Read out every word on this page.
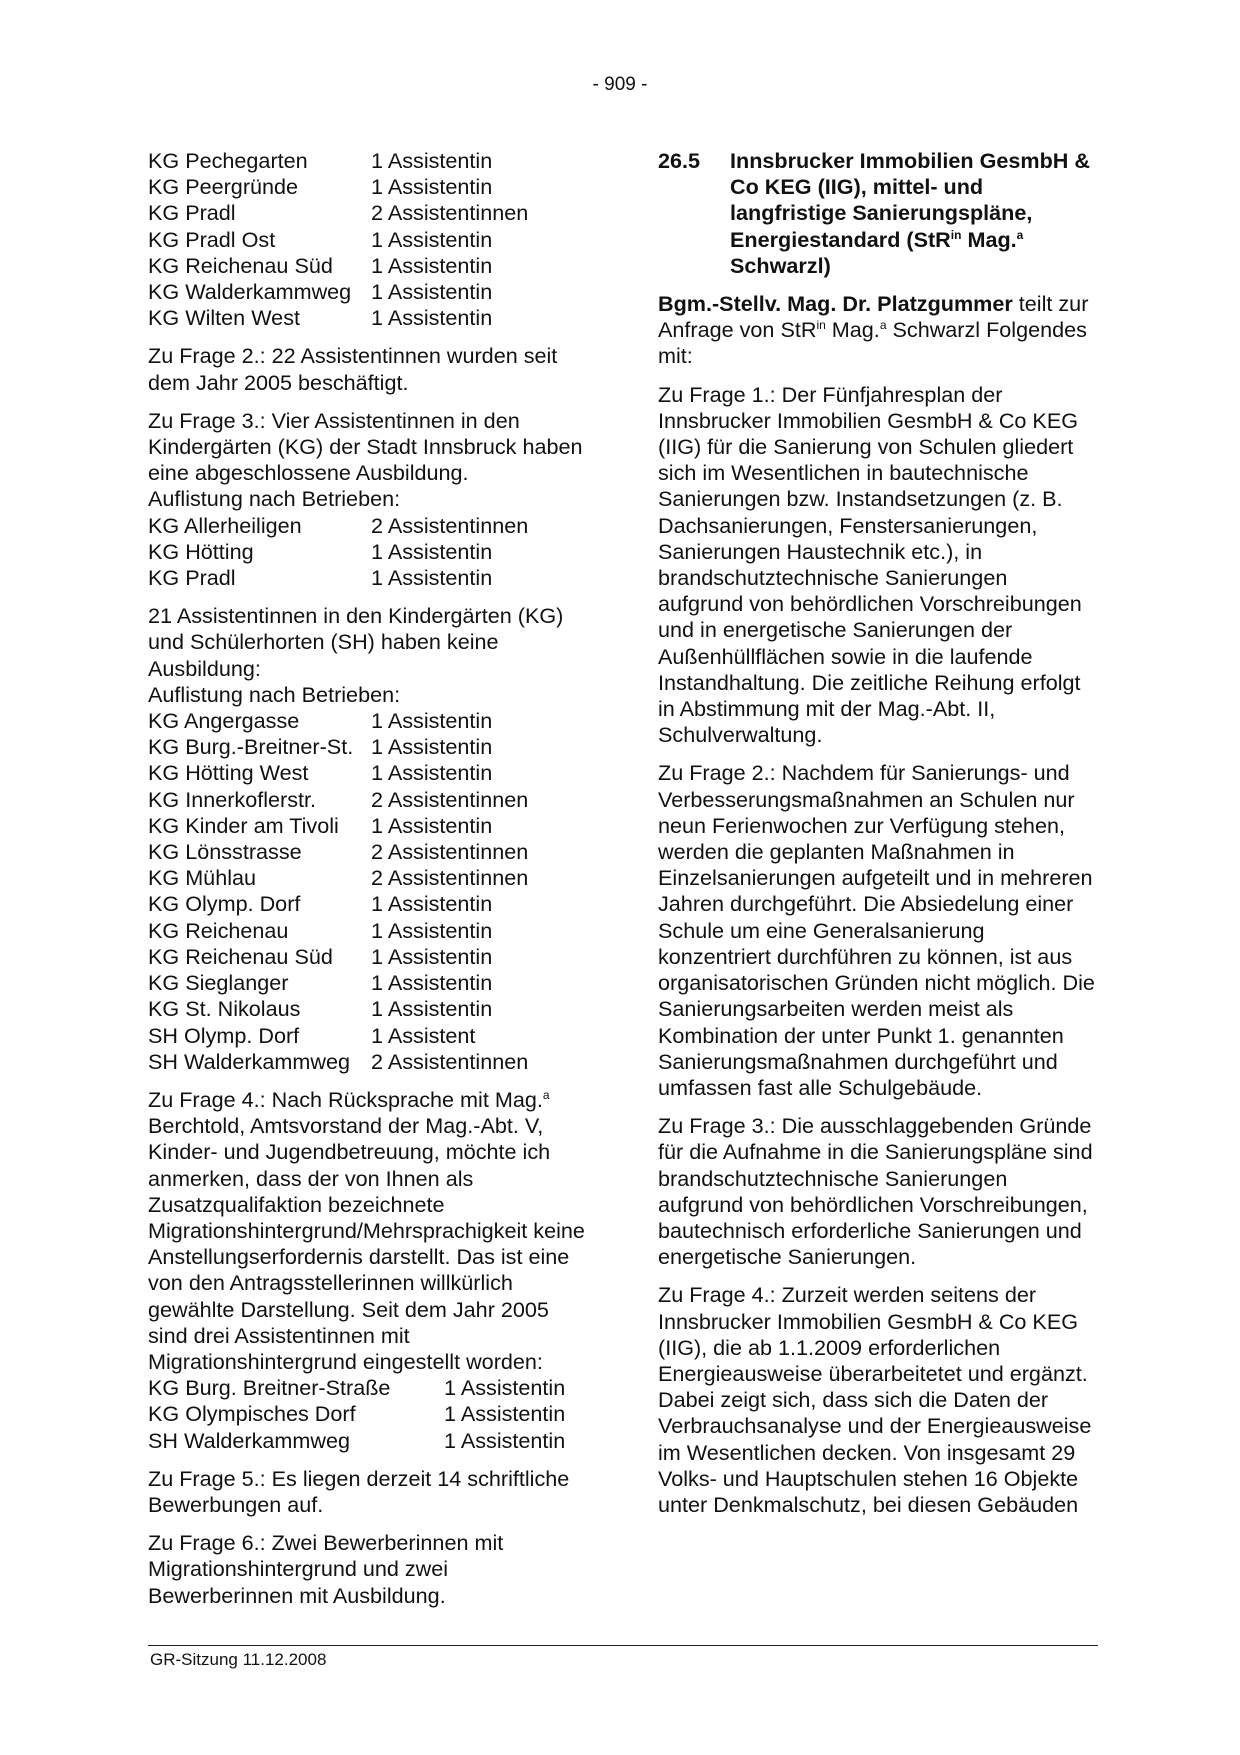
- 909 -
KG Pechegarten	1 Assistentin
KG Peergründe	1 Assistentin
KG Pradl	2 Assistentinnen
KG Pradl Ost	1 Assistentin
KG Reichenau Süd	1 Assistentin
KG Walderkammweg 1 Assistentin
KG Wilten West	1 Assistentin

Zu Frage 2.: 22 Assistentinnen wurden seit dem Jahr 2005 beschäftigt.

Zu Frage 3.: Vier Assistentinnen in den Kindergärten (KG) der Stadt Innsbruck haben eine abgeschlossene Ausbildung.
Auflistung nach Betrieben:
KG Allerheiligen	2 Assistentinnen
KG Hötting	1 Assistentin
KG Pradl	1 Assistentin
21 Assistentinnen in den Kindergärten (KG) und Schülerhorten (SH) haben keine Ausbildung:
Auflistung nach Betrieben:
KG Angergasse	1 Assistentin
KG Burg.-Breitner-St. 1 Assistentin
KG Hötting West	1 Assistentin
KG Innerkoflerstr.	2 Assistentinnen
KG Kinder am Tivoli	1 Assistentin
KG Lönsstrasse	2 Assistentinnen
KG Mühlau	2 Assistentinnen
KG Olymp. Dorf	1 Assistentin
KG Reichenau	1 Assistentin
KG Reichenau Süd	1 Assistentin
KG Sieglanger	1 Assistentin
KG St. Nikolaus	1 Assistentin
SH Olymp. Dorf	1 Assistent
SH Walderkammweg 2 Assistentinnen
Zu Frage 4.: Nach Rücksprache mit Mag.$^a$ Berchtold, Amtsvorstand der Mag.-Abt. V, Kinder- und Jugendbetreuung, möchte ich anmerken, dass der von Ihnen als Zusatzqualifaktion bezeichnete Migrationshintergrund/Mehrsprachigkeit keine Anstellungserfordernis darstellt. Das ist eine von den Antragsstellerinnen willkürlich gewählte Darstellung. Seit dem Jahr 2005 sind drei Assistentinnen mit Migrationshintergrund eingestellt worden:
KG Burg. Breitner-Straße	1 Assistentin
KG Olympisches Dorf	1 Assistentin
SH Walderkammweg	1 Assistentin

Zu Frage 5.: Es liegen derzeit 14 schriftliche Bewerbungen auf.

Zu Frage 6.: Zwei Bewerberinnen mit Migrationshintergrund und zwei Bewerberinnen mit Ausbildung.

26.5	Innsbrucker Immobilien GesmbH & Co KEG (IIG), mittel- und langfristige Sanierungspläne, Energiestandard (StR$^{in}$ Mag.$^a$ Schwarzl)

Bgm.-Stellv. Mag. Dr. Platzgummer teilt zur Anfrage von StR$^{in}$ Mag.$^a$ Schwarzl Folgendes mit:

Zu Frage 1.: Der Fünfjahresplan der Innsbrucker Immobilien GesmbH & Co KEG (IIG) für die Sanierung von Schulen gliedert sich im Wesentlichen in bautechnische Sanierungen bzw. Instandsetzungen (z. B. Dachsanierungen, Fenstersanierungen, Sanierungen Haustechnik etc.), in brandschutztechnische Sanierungen aufgrund von behördlichen Vorschreibungen und in energetische Sanierungen der Außenhüllflächen sowie in die laufende Instandhaltung. Die zeitliche Reihung erfolgt in Abstimmung mit der Mag.-Abt. II, Schulverwaltung.

Zu Frage 2.: Nachdem für Sanierungs- und Verbesserungsmaßnahmen an Schulen nur neun Ferienwochen zur Verfügung stehen, werden die geplanten Maßnahmen in Einzelsanierungen aufgeteilt und in mehreren Jahren durchgeführt. Die Absiedelung einer Schule um eine Generalsanierung konzentriert durchführen zu können, ist aus organisatorischen Gründen nicht möglich. Die Sanierungsarbeiten werden meist als Kombination der unter Punkt 1. genannten Sanierungsmaßnahmen durchgeführt und umfassen fast alle Schulgebäude.

Zu Frage 3.: Die ausschlaggebenden Gründe für die Aufnahme in die Sanierungspläne sind brandschutztechnische Sanierungen aufgrund von behördlichen Vorschreibungen, bautechnisch erforderliche Sanierungen und energetische Sanierungen.

Zu Frage 4.: Zurzeit werden seitens der Innsbrucker Immobilien GesmbH & Co KEG (IIG), die ab 1.1.2009 erforderlichen Energieausweise überarbeitetet und ergänzt. Dabei zeigt sich, dass sich die Daten der Verbrauchsanalyse und der Energieausweise im Wesentlichen decken. Von insgesamt 29 Volks- und Hauptschulen stehen 16 Objekte unter Denkmalschutz, bei diesen Gebäuden

GR-Sitzung 11.12.2008
